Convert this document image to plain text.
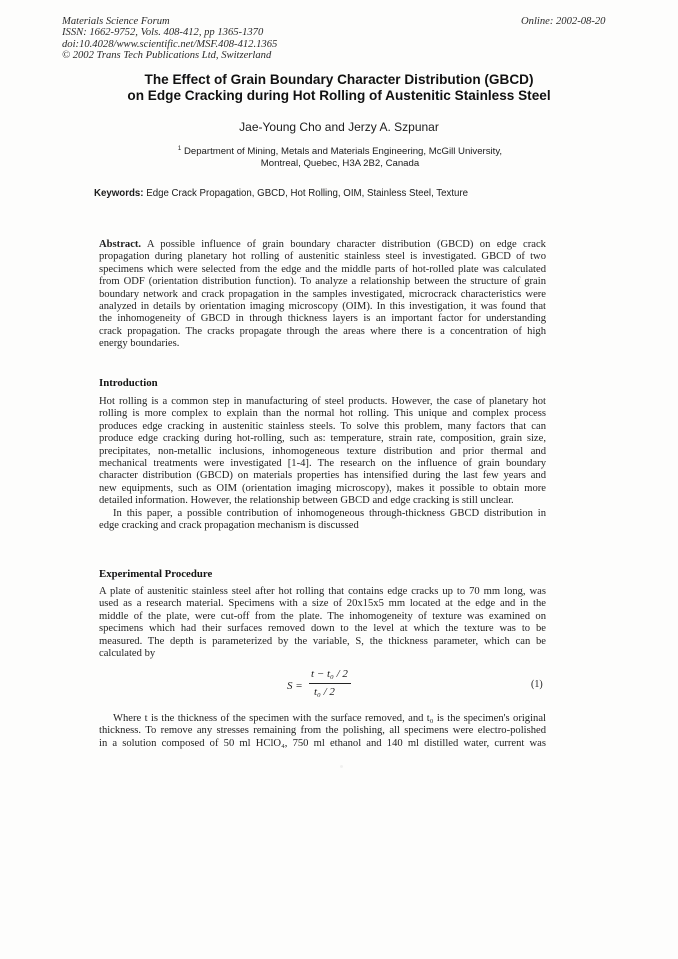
Materials Science Forum
ISSN: 1662-9752, Vols. 408-412, pp 1365-1370
doi:10.4028/www.scientific.net/MSF.408-412.1365
© 2002 Trans Tech Publications Ltd, Switzerland
Online: 2002-08-20
The Effect of Grain Boundary Character Distribution (GBCD)
on Edge Cracking during Hot Rolling of Austenitic Stainless Steel
Jae-Young Cho and Jerzy A. Szpunar
$^1$ Department of Mining, Metals and Materials Engineering, McGill University,
Montreal, Quebec, H3A 2B2, Canada
Keywords: Edge Crack Propagation, GBCD, Hot Rolling, OIM, Stainless Steel, Texture
Abstract. A possible influence of grain boundary character distribution (GBCD) on edge crack
propagation during planetary hot rolling of austenitic stainless steel is investigated. GBCD of two
specimens which were selected from the edge and the middle parts of hot-rolled plate was calculated
from ODF (orientation distribution function). To analyze a relationship between the structure of grain
boundary network and crack propagation in the samples investigated, microcrack characteristics were
analyzed in details by orientation imaging microscopy (OIM). In this investigation, it was found that
the inhomogeneity of GBCD in through thickness layers is an important factor for understanding
crack propagation. The cracks propagate through the areas where there is a concentration of high
energy boundaries.
Introduction
Hot rolling is a common step in manufacturing of steel products. However, the case of planetary hot
rolling is more complex to explain than the normal hot rolling. This unique and complex process
produces edge cracking in austenitic stainless steels. To solve this problem, many factors that can
produce edge cracking during hot-rolling, such as: temperature, strain rate, composition, grain size,
precipitates, non-metallic inclusions, inhomogeneous texture distribution and prior thermal and
mechanical treatments were investigated [1-4]. The research on the influence of grain boundary
character distribution (GBCD) on materials properties has intensified during the last few years and
new equipments, such as OIM (orientation imaging microscopy), makes it possible to obtain more
detailed information. However, the relationship between GBCD and edge cracking is still unclear.
In this paper, a possible contribution of inhomogeneous through-thickness GBCD distribution in
edge cracking and crack propagation mechanism is discussed
Experimental Procedure
A plate of austenitic stainless steel after hot rolling that contains edge cracks up to 70 mm long, was
used as a research material. Specimens with a size of 20x15x5 mm located at the edge and in the
middle of the plate, were cut-off from the plate. The inhomogeneity of texture was examined on
specimens which had their surfaces removed down to the level at which the texture was to be
measured. The depth is parameterized by the variable, S, the thickness parameter, which can be
calculated by
S =
t − t₀ / 2
t₀ / 2
(1)
Where t is the thickness of the specimen with the surface removed, and t₀ is the specimen's original
thickness. To remove any stresses remaining from the polishing, all specimens were electro-polished
in a solution composed of 50 ml HClO₄, 750 ml ethanol and 140 ml distilled water, current was
